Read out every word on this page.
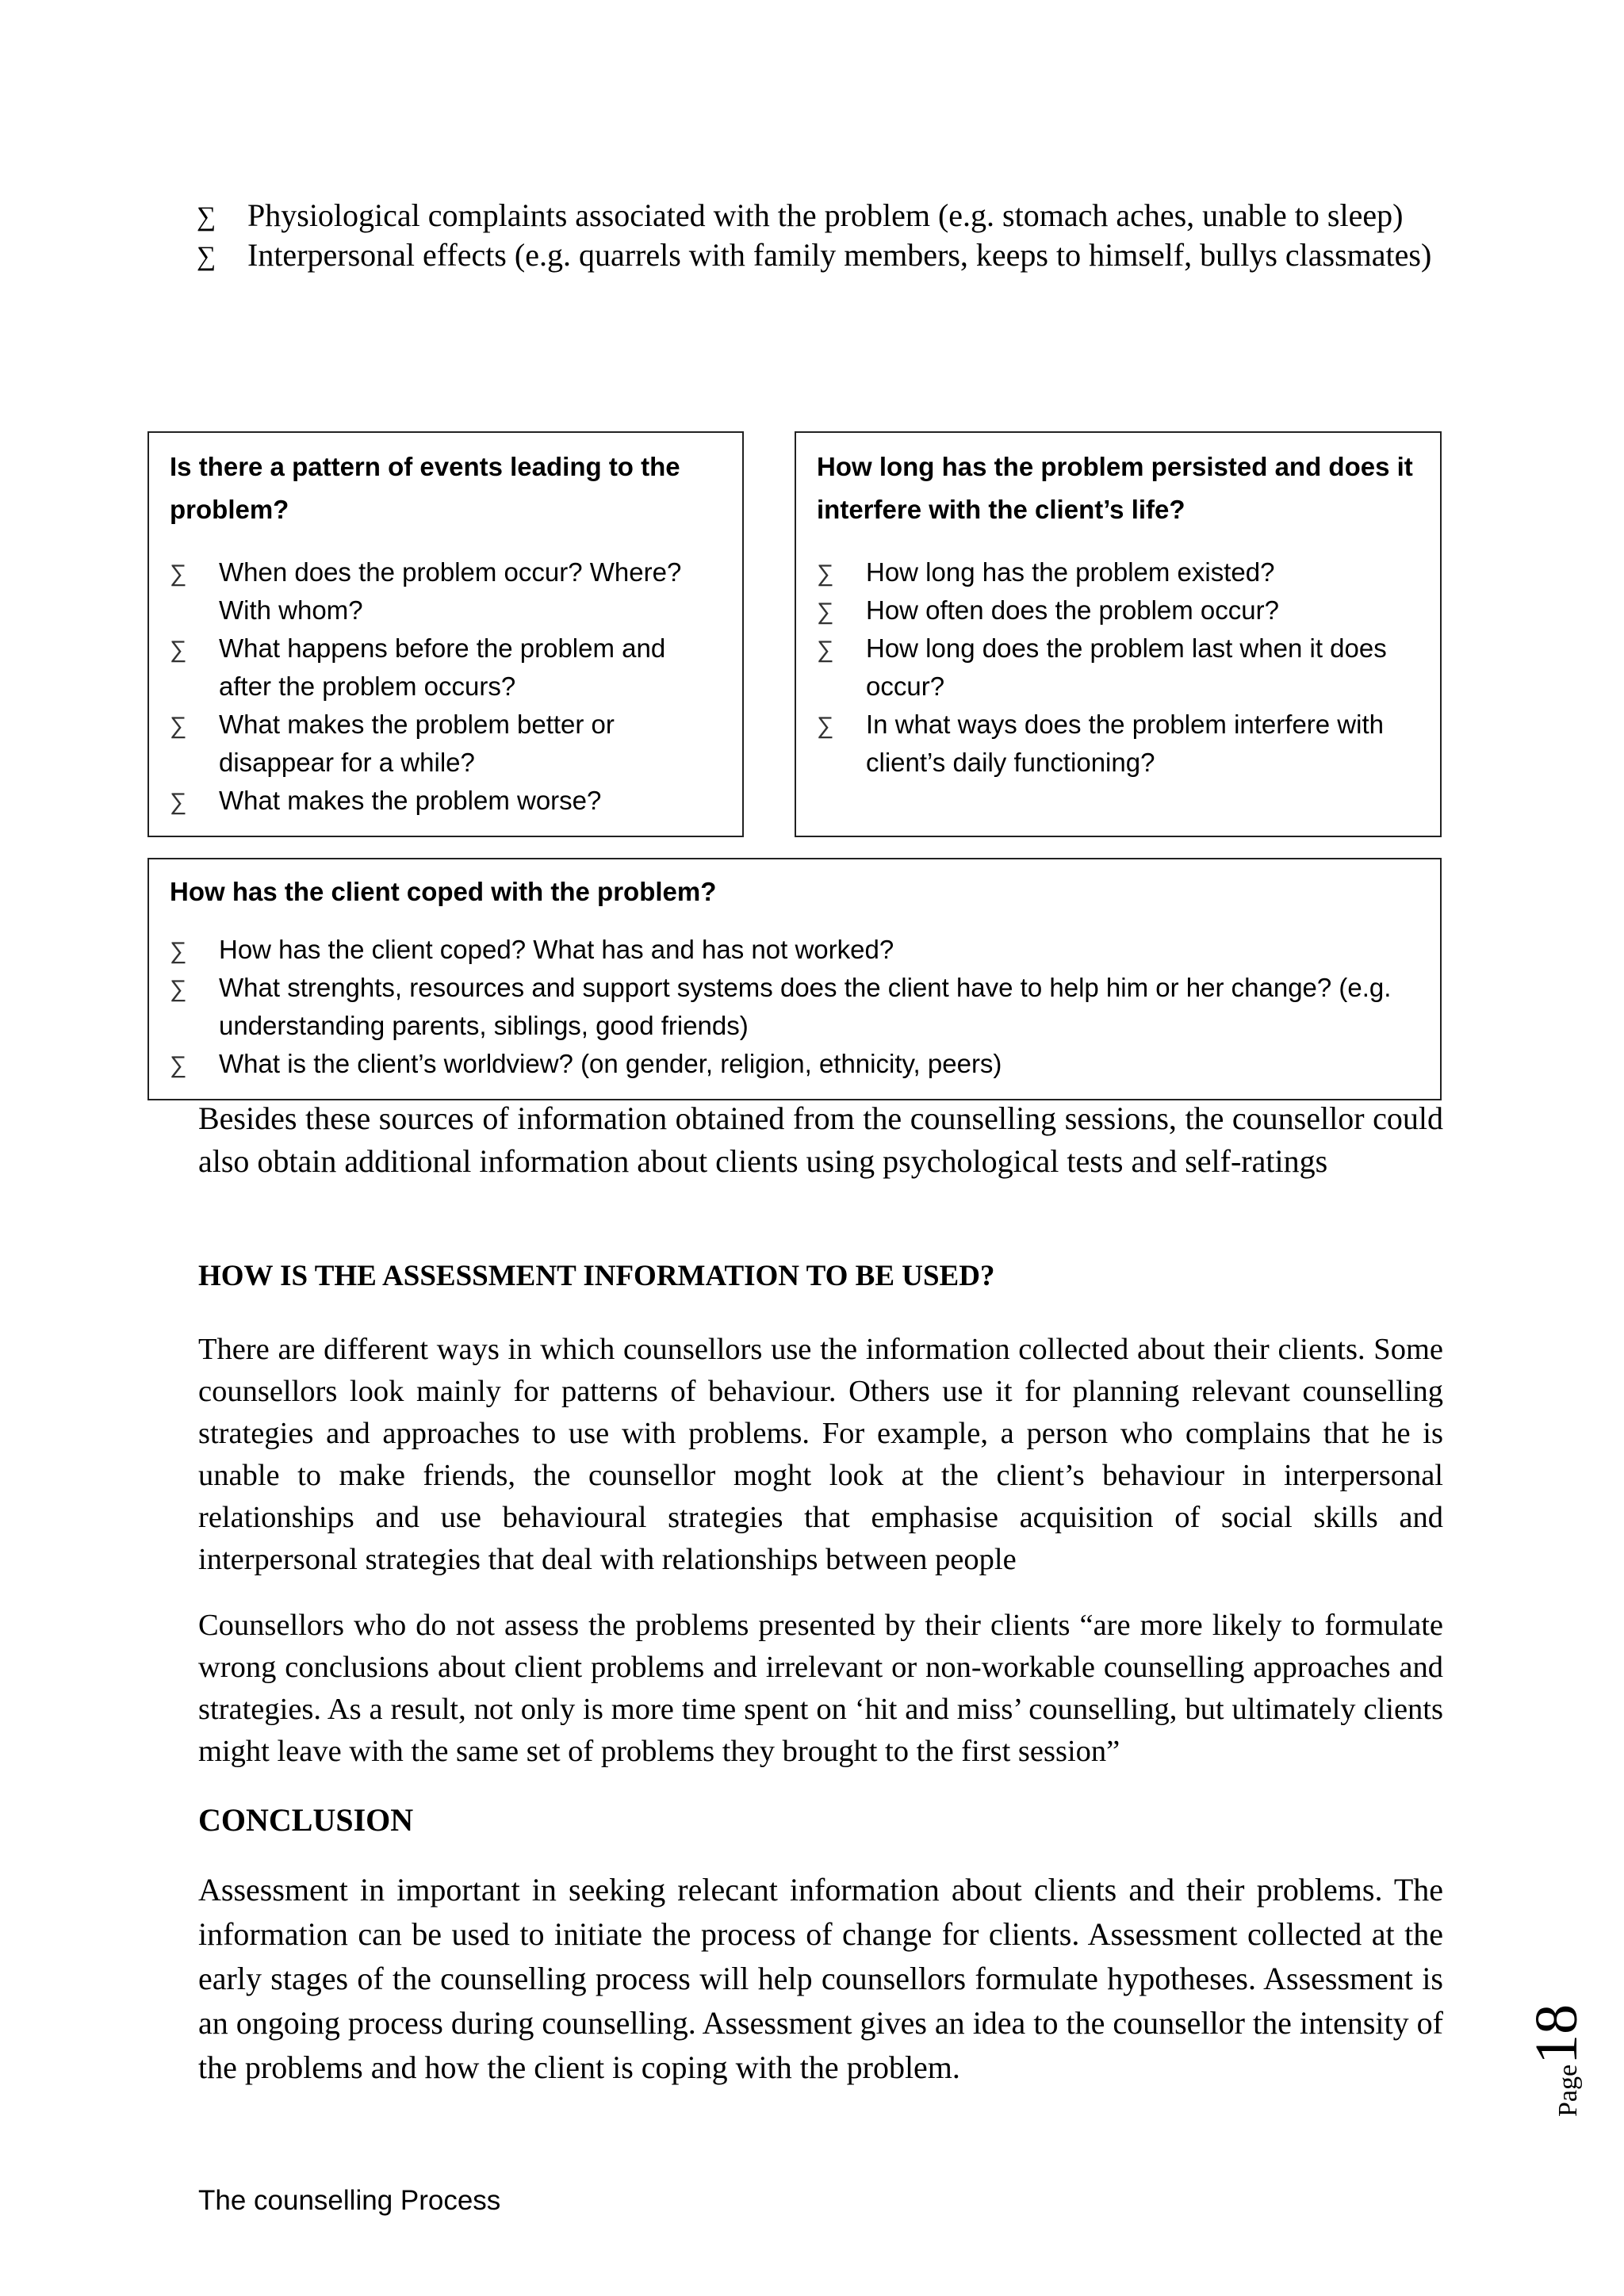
∑ Physiological complaints associated with the problem (e.g. stomach aches, unable to sleep)
∑ Interpersonal effects (e.g. quarrels with family members, keeps to himself, bullys classmates)

Is there a pattern of events leading to the problem?

∑ When does the problem occur? Where? With whom?
∑ What happens before the problem and after the problem occurs?
∑ What makes the problem better or disappear for a while?
∑ What makes the problem worse?

How long has the problem persisted and does it interfere with the client’s life?

∑ How long has the problem existed?
∑ How often does the problem occur?
∑ How long does the problem last when it does occur?
∑ In what ways does the problem interfere with client’s daily functioning?

How has the client coped with the problem?

∑ How has the client coped? What has and has not worked?
∑ What strenghts, resources and support systems does the client have to help him or her change? (e.g. understanding parents, siblings, good friends)
∑ What is the client’s worldview? (on gender, religion, ethnicity, peers)

Besides these sources of information obtained from the counselling sessions, the counsellor could also obtain additional information about clients using psychological tests and self-ratings

HOW IS THE ASSESSMENT INFORMATION TO BE USED?

There are different ways in which counsellors use the information collected about their clients. Some counsellors look mainly for patterns of behaviour. Others use it for planning relevant counselling strategies and approaches to use with problems. For example, a person who complains that he is unable to make friends, the counsellor moght look at the client’s behaviour in interpersonal relationships and use behavioural strategies that emphasise acquisition of social skills and interpersonal strategies that deal with relationships between people

Counsellors who do not assess the problems presented by their clients “are more likely to formulate wrong conclusions about client problems and irrelevant or non-workable counselling approaches and strategies. As a result, not only is more time spent on ‘hit and miss’ counselling, but ultimately clients might leave with the same set of problems they brought to the first session”

CONCLUSION

Assessment in important in seeking relecant information about clients and their problems. The information can be used to initiate the process of change for clients. Assessment collected at the early stages of the counselling process will help counsellors formulate hypotheses. Assessment is an ongoing process during counselling. Assessment gives an idea to the counsellor the intensity of the problems and how the client is coping with the problem.	Page18
The counselling Process
